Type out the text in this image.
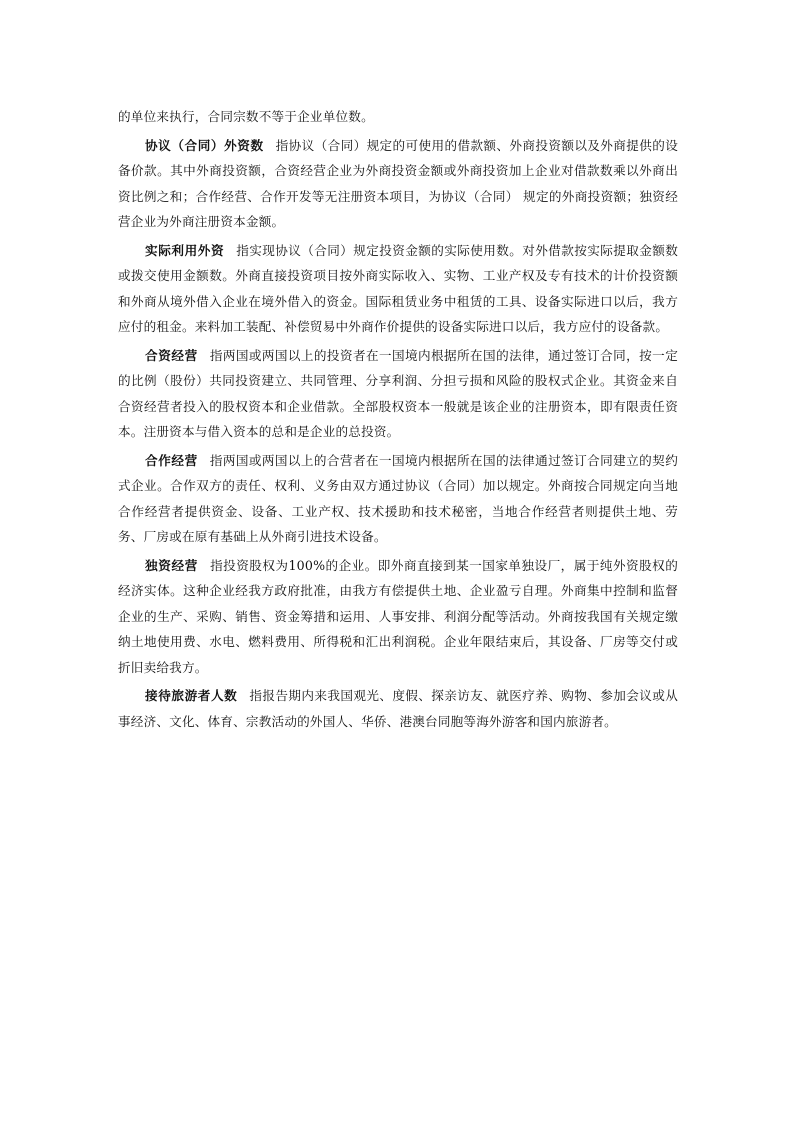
的单位来执行，合同宗数不等于企业单位数。

协议（合同）外资数 指协议（合同）规定的可使用的借款额、外商投资额以及外商提供的设备价款。其中外商投资额，合资经营企业为外商投资金额或外商投资加上企业对借款数乘以外商出资比例之和；合作经营、合作开发等无注册资本项目，为协议（合同） 规定的外商投资额；独资经营企业为外商注册资本金额。

实际利用外资 指实现协议（合同）规定投资金额的实际使用数。对外借款按实际提取金额数或拨交使用金额数。外商直接投资项目按外商实际收入、实物、工业产权及专有技术的计价投资额和外商从境外借入企业在境外借入的资金。国际租赁业务中租赁的工具、设备实际进口以后，我方应付的租金。来料加工装配、补偿贸易中外商作价提供的设备实际进口以后，我方应付的设备款。

合资经营 指两国或两国以上的投资者在一国境内根据所在国的法律，通过签订合同，按一定的比例（股份）共同投资建立、共同管理、分享利润、分担亏损和风险的股权式企业。其资金来自合资经营者投入的股权资本和企业借款。全部股权资本一般就是该企业的注册资本，即有限责任资本。注册资本与借入资本的总和是企业的总投资。

合作经营 指两国或两国以上的合营者在一国境内根据所在国的法律通过签订合同建立的契约式企业。合作双方的责任、权利、义务由双方通过协议（合同）加以规定。外商按合同规定向当地合作经营者提供资金、设备、工业产权、技术援助和技术秘密，当地合作经营者则提供土地、劳务、厂房或在原有基础上从外商引进技术设备。

独资经营 指投资股权为100%的企业。即外商直接到某一国家单独设厂，属于纯外资股权的经济实体。这种企业经我方政府批准，由我方有偿提供土地、企业盈亏自理。外商集中控制和监督企业的生产、采购、销售、资金筹措和运用、人事安排、利润分配等活动。外商按我国有关规定缴纳土地使用费、水电、燃料费用、所得税和汇出利润税。企业年限结束后，其设备、厂房等交付或折旧卖给我方。

接待旅游者人数 指报告期内来我国观光、度假、探亲访友、就医疗养、购物、参加会议或从事经济、文化、体育、宗教活动的外国人、华侨、港澳台同胞等海外游客和国内旅游者。
